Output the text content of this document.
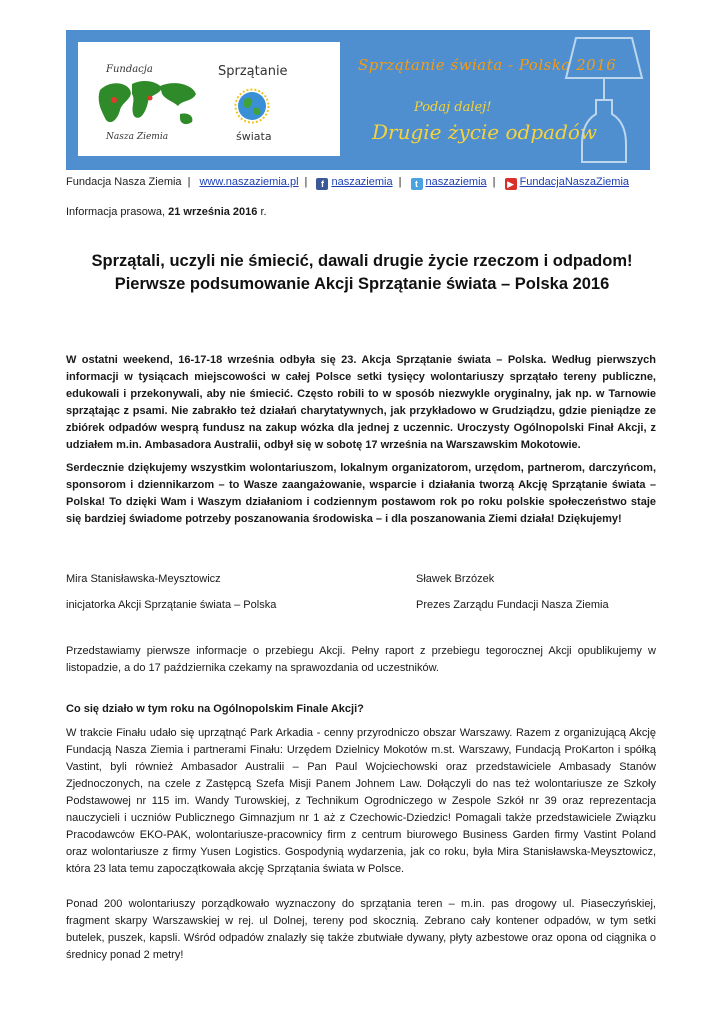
Fundacja
Nasza Ziemia
Sprzątanie
świata
Sprzątanie świata - Polska 2016
Podaj dalej!
Drugie życie odpadów
Fundacja Nasza Ziemia | www.naszaziemia.pl | f naszaziemia | t naszaziemia | ▶ FundacjaNaszaZiemia
Informacja prasowa, 21 września 2016 r.
Sprzątali, uczyli nie śmiecić, dawali drugie życie rzeczom i odpadom!
Pierwsze podsumowanie Akcji Sprzątanie świata – Polska 2016

W ostatni weekend, 16-17-18 września odbyła się 23. Akcja Sprzątanie świata – Polska. Według pierwszych informacji w tysiącach miejscowości w całej Polsce setki tysięcy wolontariuszy sprzątało tereny publiczne, edukowali i przekonywali, aby nie śmiecić. Często robili to w sposób niezwykle oryginalny, jak np. w Tarnowie sprzątając z psami. Nie zabrakło też działań charytatywnych, jak przykładowo w Grudziądzu, gdzie pieniądze ze zbiórek odpadów wesprą fundusz na zakup wózka dla jednej z uczennic. Uroczysty Ogólnopolski Finał Akcji, z udziałem m.in. Ambasadora Australii, odbył się w sobotę 17 września na Warszawskim Mokotowie.

Serdecznie dziękujemy wszystkim wolontariuszom, lokalnym organizatorom, urzędom, partnerom, darczyńcom, sponsorom i dziennikarzom – to Wasze zaangażowanie, wsparcie i działania tworzą Akcję Sprzątanie świata – Polska! To dzięki Wam i Waszym działaniom i codziennym postawom rok po roku polskie społeczeństwo staje się bardziej świadome potrzeby poszanowania środowiska – i dla poszanowania Ziemi działa! Dziękujemy!

Mira Stanisławska-Meysztowicz
inicjatorka Akcji Sprzątanie świata – Polska
Sławek Brzózek
Prezes Zarządu Fundacji Nasza Ziemia

Przedstawiamy pierwsze informacje o przebiegu Akcji. Pełny raport z przebiegu tegorocznej Akcji opublikujemy w listopadzie, a do 17 października czekamy na sprawozdania od uczestników.

Co się działo w tym roku na Ogólnopolskim Finale Akcji?

W trakcie Finału udało się uprzątnąć Park Arkadia - cenny przyrodniczo obszar Warszawy. Razem z organizującą Akcję Fundacją Nasza Ziemia i partnerami Finału: Urzędem Dzielnicy Mokotów m.st. Warszawy, Fundacją ProKarton i spółką Vastint, byli również Ambasador Australii – Pan Paul Wojciechowski oraz przedstawiciele Ambasady Stanów Zjednoczonych, na czele z Zastępcą Szefa Misji Panem Johnem Law. Dołączyli do nas też wolontariusze ze Szkoły Podstawowej nr 115 im. Wandy Turowskiej, z Technikum Ogrodniczego w Zespole Szkół nr 39 oraz reprezentacja nauczycieli i uczniów Publicznego Gimnazjum nr 1 aż z Czechowic-Dziedzic! Pomagali także przedstawiciele Związku Pracodawców EKO-PAK, wolontariusze-pracownicy firm z centrum biurowego Business Garden firmy Vastint Poland oraz wolontariusze z firmy Yusen Logistics. Gospodynią wydarzenia, jak co roku, była Mira Stanisławska-Meysztowicz, która 23 lata temu zapoczątkowała akcję Sprzątania świata w Polsce.

Ponad 200 wolontariuszy porządkowało wyznaczony do sprzątania teren – m.in. pas drogowy ul. Piaseczyńskiej, fragment skarpy Warszawskiej w rej. ul Dolnej, tereny pod skocznią. Zebrano cały kontener odpadów, w tym setki butelek, puszek, kapsli. Wśród odpadów znalazły się także zbutwiałe dywany, płyty azbestowe oraz opona od ciągnika o średnicy ponad 2 metry!
